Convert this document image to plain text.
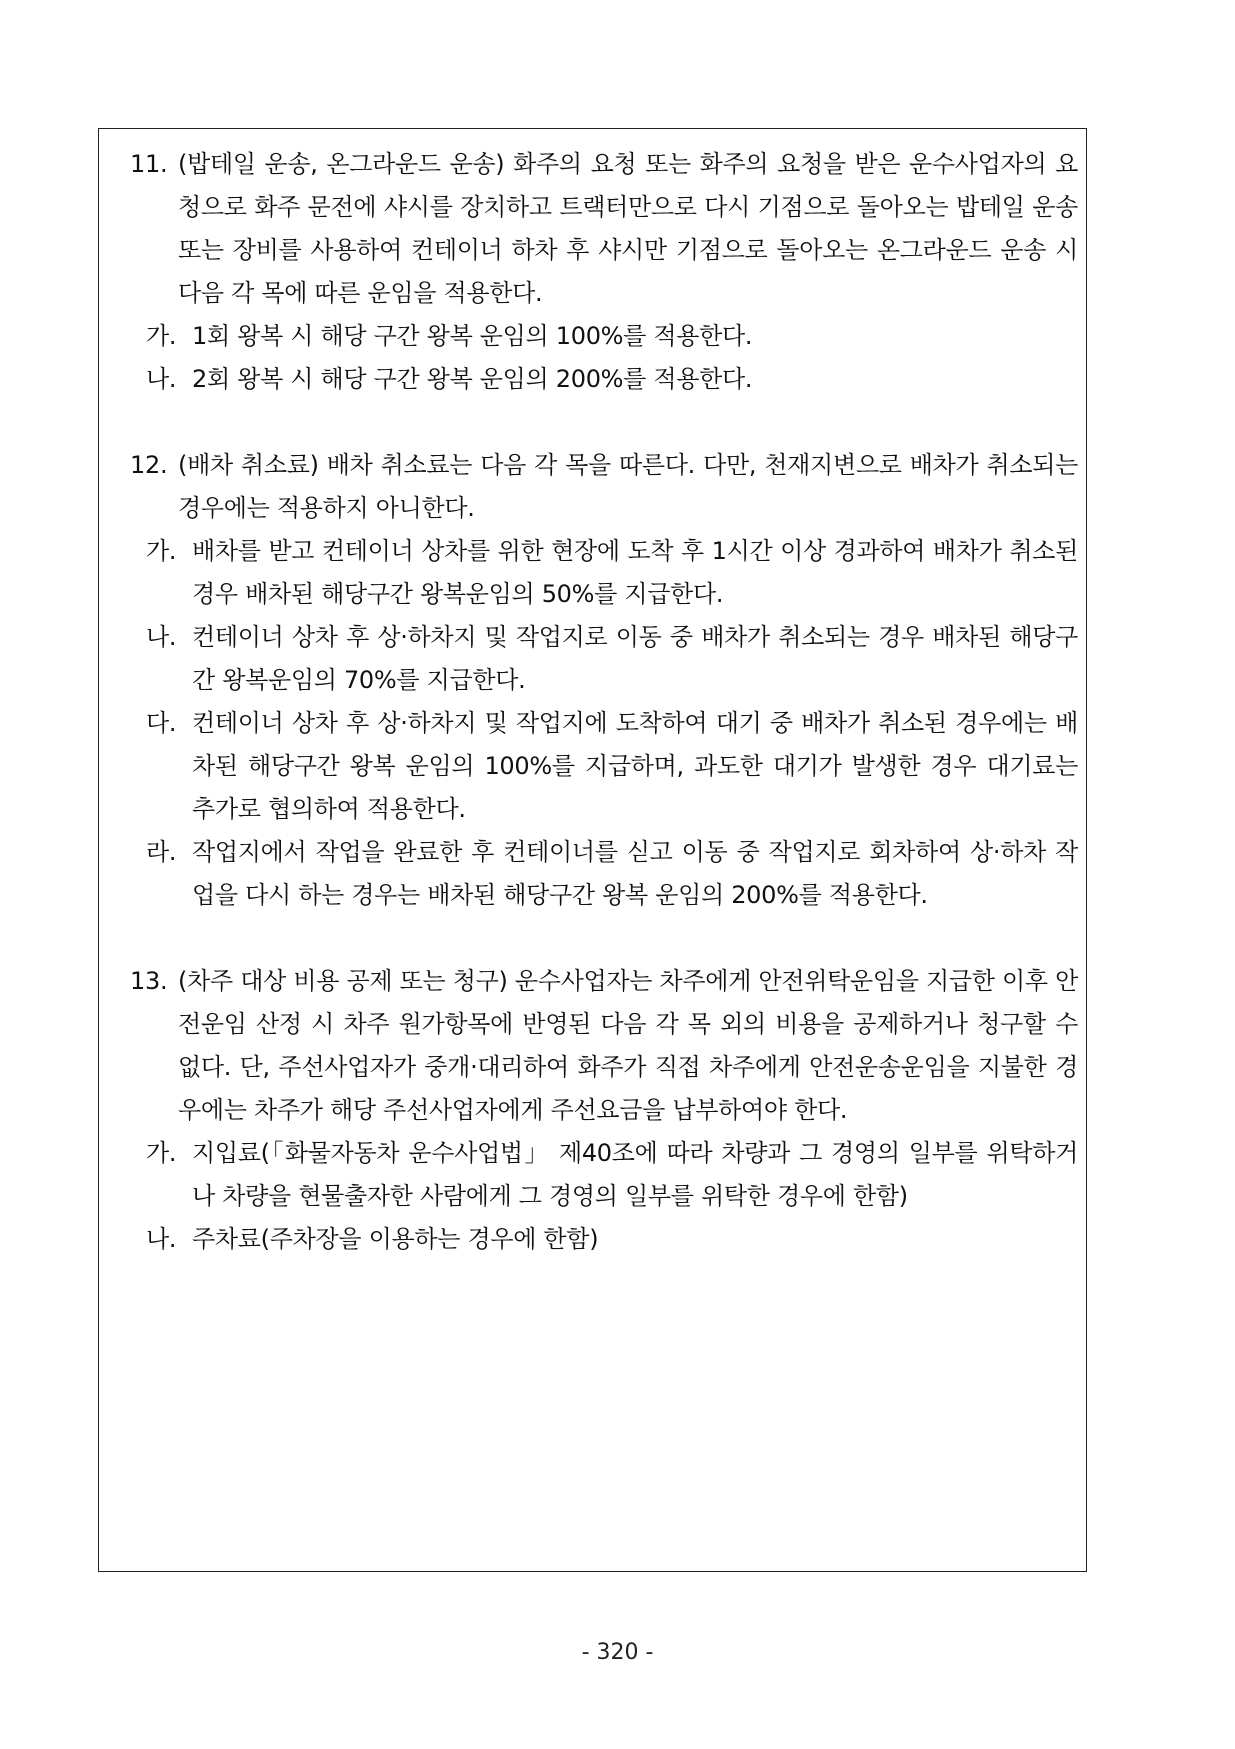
11. (밥테일 운송, 온그라운드 운송) 화주의 요청 또는 화주의 요청을 받은 운수사업자의 요청으로 화주 문전에 샤시를 장치하고 트랙터만으로 다시 기점으로 돌아오는 밥테일 운송 또는 장비를 사용하여 컨테이너 하차 후 샤시만 기점으로 돌아오는 온그라운드 운송 시 다음 각 목에 따른 운임을 적용한다.
가. 1회 왕복 시 해당 구간 왕복 운임의 100%를 적용한다.
나. 2회 왕복 시 해당 구간 왕복 운임의 200%를 적용한다.
12. (배차 취소료) 배차 취소료는 다음 각 목을 따른다. 다만, 천재지변으로 배차가 취소되는 경우에는 적용하지 아니한다.
가. 배차를 받고 컨테이너 상차를 위한 현장에 도착 후 1시간 이상 경과하여 배차가 취소된 경우 배차된 해당구간 왕복운임의 50%를 지급한다.
나. 컨테이너 상차 후 상·하차지 및 작업지로 이동 중 배차가 취소되는 경우 배차된 해당구간 왕복운임의 70%를 지급한다.
다. 컨테이너 상차 후 상·하차지 및 작업지에 도착하여 대기 중 배차가 취소된 경우에는 배차된 해당구간 왕복 운임의 100%를 지급하며, 과도한 대기가 발생한 경우 대기료는 추가로 협의하여 적용한다.
라. 작업지에서 작업을 완료한 후 컨테이너를 싣고 이동 중 작업지로 회차하여 상·하차 작업을 다시 하는 경우는 배차된 해당구간 왕복 운임의 200%를 적용한다.
13. (차주 대상 비용 공제 또는 청구) 운수사업자는 차주에게 안전위탁운임을 지급한 이후 안전운임 산정 시 차주 원가항목에 반영된 다음 각 목 외의 비용을 공제하거나 청구할 수 없다. 단, 주선사업자가 중개·대리하여 화주가 직접 차주에게 안전운송운임을 지불한 경우에는 차주가 해당 주선사업자에게 주선요금을 납부하여야 한다.
가. 지입료(「화물자동차 운수사업법」 제40조에 따라 차량과 그 경영의 일부를 위탁하거나 차량을 현물출자한 사람에게 그 경영의 일부를 위탁한 경우에 한함)
나. 주차료(주차장을 이용하는 경우에 한함)
- 320 -
